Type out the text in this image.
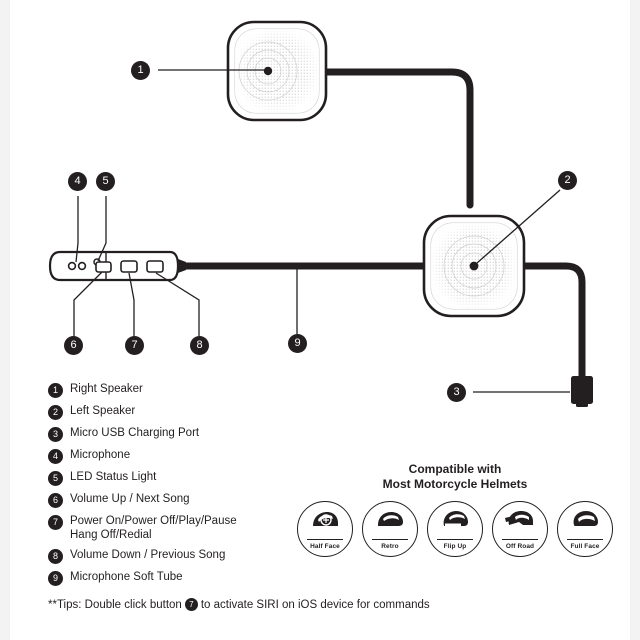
1
2
3
4	5
6	7	8	9
1	Right Speaker
2	Left Speaker
3	Micro USB Charging Port
4	Microphone
5	LED Status Light
6	Volume Up / Next Song
7	Power On/Power Off/Play/Pause
Hang Off/Redial
8	Volume Down / Previous Song
9	Microphone Soft Tube
**Tips: Double click button 7 to activate SIRI on iOS device for commands
Compatible with
Most Motorcycle Helmets
Half Face	Retro	Flip Up	Off Road	Full Face
